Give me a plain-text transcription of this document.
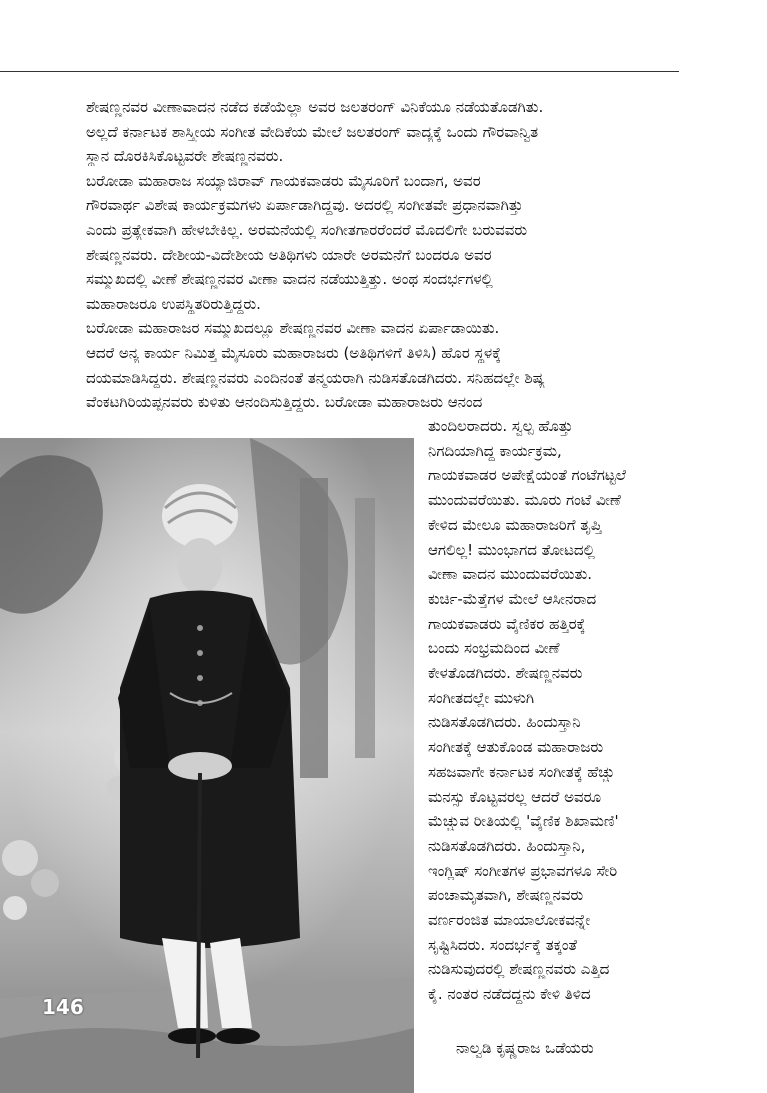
ಶೇಷಣ್ಣನವರ ವೀಣಾವಾದನ ನಡೆದ ಕಡೆಯೆಲ್ಲಾ ಅವರ ಜಲತರಂಗ್ ವಿನಿಕೆಯೂ ನಡೆಯತೊಡಗಿತು.
ಅಲ್ಲದೆ ಕರ್ನಾಟಕ ಶಾಸ್ತ್ರೀಯ ಸಂಗೀತ ವೇದಿಕೆಯ ಮೇಲೆ ಜಲತರಂಗ್ ವಾದ್ಯಕ್ಕೆ ಒಂದು ಗೌರವಾನ್ವಿತ
ಸ್ಥಾನ ದೊರಕಿಸಿಕೊಟ್ಟವರೇ ಶೇಷಣ್ಣನವರು.
ಬರೋಡಾ ಮಹಾರಾಜ ಸಯ್ಯಾಜಿರಾವ್ ಗಾಯಕವಾಡರು ಮೈಸೂರಿಗೆ ಬಂದಾಗ, ಅವರ
ಗೌರವಾರ್ಥ ವಿಶೇಷ ಕಾರ್ಯಕ್ರಮಗಳು ಏರ್ಪಾಡಾಗಿದ್ದವು. ಅದರಲ್ಲಿ ಸಂಗೀತವೇ ಪ್ರಧಾನವಾಗಿತ್ತು
ಎಂದು ಪ್ರತ್ಯೇಕವಾಗಿ ಹೇಳಬೇಕಿಲ್ಲ. ಅರಮನೆಯಲ್ಲಿ ಸಂಗೀತಗಾರರೆಂದರೆ ಮೊದಲಿಗೇ ಬರುವವರು
ಶೇಷಣ್ಣನವರು. ದೇಶೀಯ-ವಿದೇಶೀಯ ಅತಿಥಿಗಳು ಯಾರೇ ಅರಮನೆಗೆ ಬಂದರೂ ಅವರ
ಸಮ್ಮುಖದಲ್ಲಿ ವೀಣೆ ಶೇಷಣ್ಣನವರ ವೀಣಾ ವಾದನ ನಡೆಯುತ್ತಿತ್ತು. ಅಂಥ ಸಂದರ್ಭಗಳಲ್ಲಿ
ಮಹಾರಾಜರೂ ಉಪಸ್ಥಿತರಿರುತ್ತಿದ್ದರು.
ಬರೋಡಾ ಮಹಾರಾಜರ ಸಮ್ಮುಖದಲ್ಲೂ ಶೇಷಣ್ಣನವರ ವೀಣಾ ವಾದನ ಏರ್ಪಾಡಾಯಿತು.
ಆದರೆ ಅನ್ಯ ಕಾರ್ಯ ನಿಮಿತ್ತ ಮೈಸೂರು ಮಹಾರಾಜರು (ಅತಿಥಿಗಳಿಗೆ ತಿಳಿಸಿ) ಹೊರ ಸ್ಥಳಕ್ಕೆ
ದಯಮಾಡಿಸಿದ್ದರು. ಶೇಷಣ್ಣನವರು ಎಂದಿನಂತೆ ತನ್ಮಯರಾಗಿ ನುಡಿಸತೊಡಗಿದರು. ಸನಿಹದಲ್ಲೇ ಶಿಷ್ಯ
ವೆಂಕಟಗಿರಿಯಪ್ಪನವರು ಕುಳಿತು ಆನಂದಿಸುತ್ತಿದ್ದರು. ಬರೋಡಾ ಮಹಾರಾಜರು ಆನಂದ
ತುಂದಿಲರಾದರು. ಸ್ವಲ್ಪ ಹೊತ್ತು
ನಿಗದಿಯಾಗಿದ್ದ ಕಾರ್ಯಕ್ರಮ,
ಗಾಯಕವಾಡರ ಅಪೇಕ್ಷೆಯಂತೆ ಗಂಟೆಗಟ್ಟಲೆ
ಮುಂದುವರೆಯಿತು. ಮೂರು ಗಂಟೆ ವೀಣೆ
ಕೇಳಿದ ಮೇಲೂ ಮಹಾರಾಜರಿಗೆ ತೃಪ್ತಿ
ಆಗಲಿಲ್ಲ! ಮುಂಭಾಗದ ತೋಟದಲ್ಲಿ
ವೀಣಾ ವಾದನ ಮುಂದುವರೆಯಿತು.
ಕುರ್ಚಿ-ಮೆತ್ತೆಗಳ ಮೇಲೆ ಆಸೀನರಾದ
ಗಾಯಕವಾಡರು ವೈಣಿಕರ ಹತ್ತಿರಕ್ಕೆ
ಬಂದು ಸಂಭ್ರಮದಿಂದ ವೀಣೆ
ಕೇಳತೊಡಗಿದರು. ಶೇಷಣ್ಣನವರು
ಸಂಗೀತದಲ್ಲೇ ಮುಳುಗಿ
ನುಡಿಸತೊಡಗಿದರು. ಹಿಂದುಸ್ತಾನಿ
ಸಂಗೀತಕ್ಕೆ ಆತುಕೊಂಡ ಮಹಾರಾಜರು
ಸಹಜವಾಗೇ ಕರ್ನಾಟಕ ಸಂಗೀತಕ್ಕೆ ಹೆಚ್ಚು
ಮನಸ್ಸು ಕೊಟ್ಟವರಲ್ಲ ಆದರೆ ಅವರೂ
ಮೆಚ್ಚುವ ರೀತಿಯಲ್ಲಿ 'ವೈಣಿಕ ಶಿಖಾಮಣಿ'
ನುಡಿಸತೊಡಗಿದರು. ಹಿಂದುಸ್ತಾನಿ,
ಇಂಗ್ಲಿಷ್ ಸಂಗೀತಗಳ ಪ್ರಭಾವಗಳೂ ಸೇರಿ
ಪಂಚಾಮೃತವಾಗಿ, ಶೇಷಣ್ಣನವರು
ವರ್ಣರಂಜಿತ ಮಾಯಾಲೋಕವನ್ನೇ
ಸೃಷ್ಟಿಸಿದರು. ಸಂದರ್ಭಕ್ಕೆ ತಕ್ಕಂತೆ
ನುಡಿಸುವುದರಲ್ಲಿ ಶೇಷಣ್ಣನವರು ಎತ್ತಿದ
ಕೈ. ನಂತರ ನಡೆದದ್ದನು ಕೇಳಿ ತಿಳಿದ
146
ನಾಲ್ವಡಿ ಕೃಷ್ಣರಾಜ ಒಡೆಯರು
